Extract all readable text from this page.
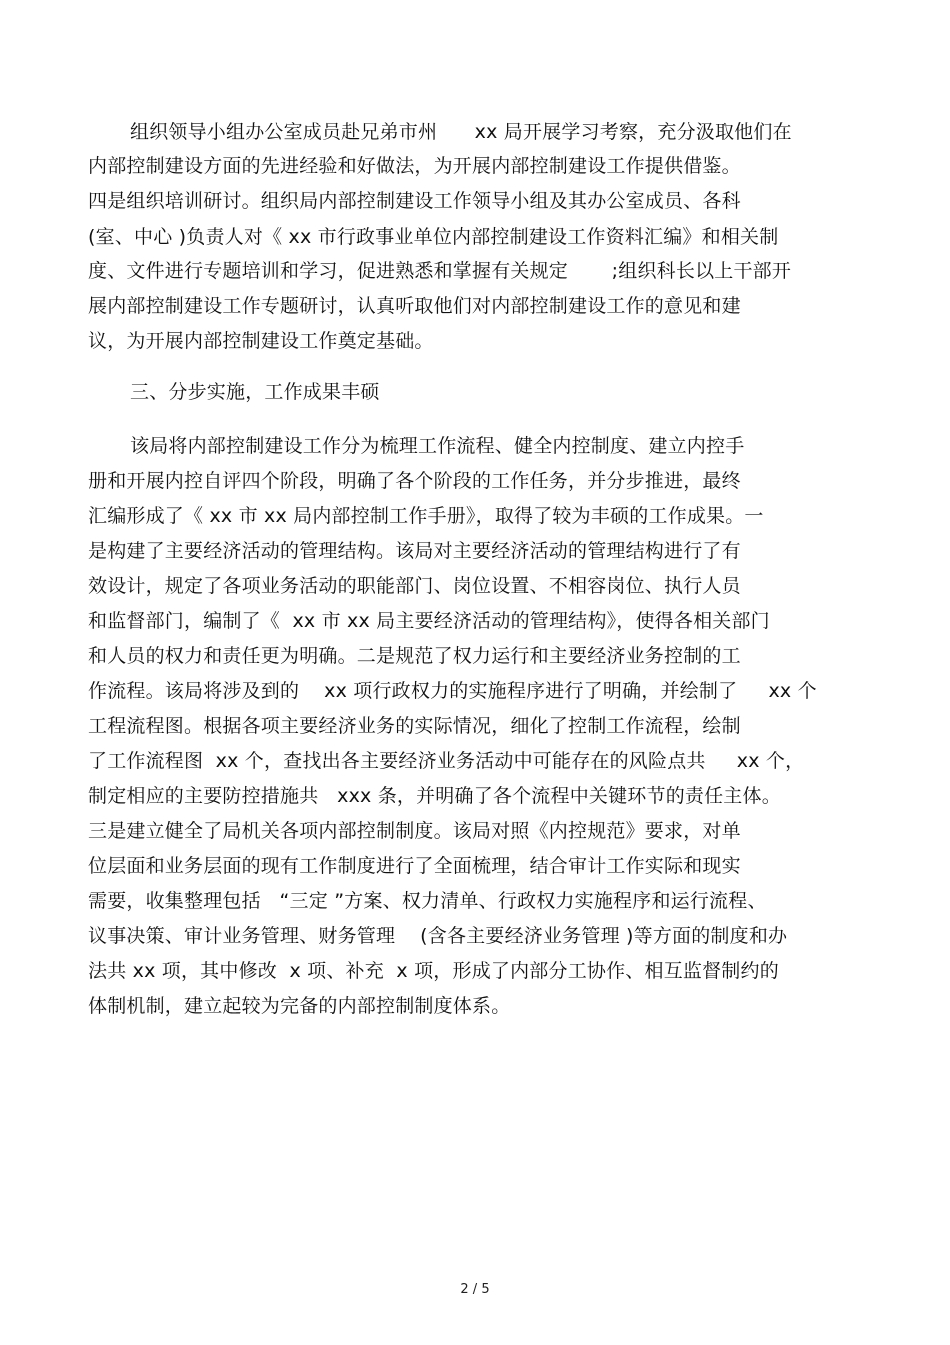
组织领导小组办公室成员赴兄弟市州      xx 局开展学习考察，充分汲取他们在
内部控制建设方面的先进经验和好做法，为开展内部控制建设工作提供借鉴。
四是组织培训研讨。组织局内部控制建设工作领导小组及其办公室成员、各科
(室、中心 )负责人对《 xx 市行政事业单位内部控制建设工作资料汇编》和相关制
度、文件进行专题培训和学习，促进熟悉和掌握有关规定       ;组织科长以上干部开
展内部控制建设工作专题研讨，认真听取他们对内部控制建设工作的意见和建
议，为开展内部控制建设工作奠定基础。
三、分步实施，工作成果丰硕
该局将内部控制建设工作分为梳理工作流程、健全内控制度、建立内控手
册和开展内控自评四个阶段，明确了各个阶段的工作任务，并分步推进，最终
汇编形成了《 xx 市 xx 局内部控制工作手册》，取得了较为丰硕的工作成果。一
是构建了主要经济活动的管理结构。该局对主要经济活动的管理结构进行了有
效设计，规定了各项业务活动的职能部门、岗位设置、不相容岗位、执行人员
和监督部门，编制了《  xx 市 xx 局主要经济活动的管理结构》，使得各相关部门
和人员的权力和责任更为明确。二是规范了权力运行和主要经济业务控制的工
作流程。该局将涉及到的    xx 项行政权力的实施程序进行了明确，并绘制了     xx 个
工程流程图。根据各项主要经济业务的实际情况，细化了控制工作流程，绘制
了工作流程图  xx 个，查找出各主要经济业务活动中可能存在的风险点共     xx 个，
制定相应的主要防控措施共   xxx 条，并明确了各个流程中关键环节的责任主体。
三是建立健全了局机关各项内部控制制度。该局对照《内控规范》要求，对单
位层面和业务层面的现有工作制度进行了全面梳理，结合审计工作实际和现实
需要，收集整理包括   “三定 ”方案、权力清单、行政权力实施程序和运行流程、
议事决策、审计业务管理、财务管理    (含各主要经济业务管理 )等方面的制度和办
法共 xx 项，其中修改  x 项、补充  x 项，形成了内部分工协作、相互监督制约的
体制机制，建立起较为完备的内部控制制度体系。
2 / 5
